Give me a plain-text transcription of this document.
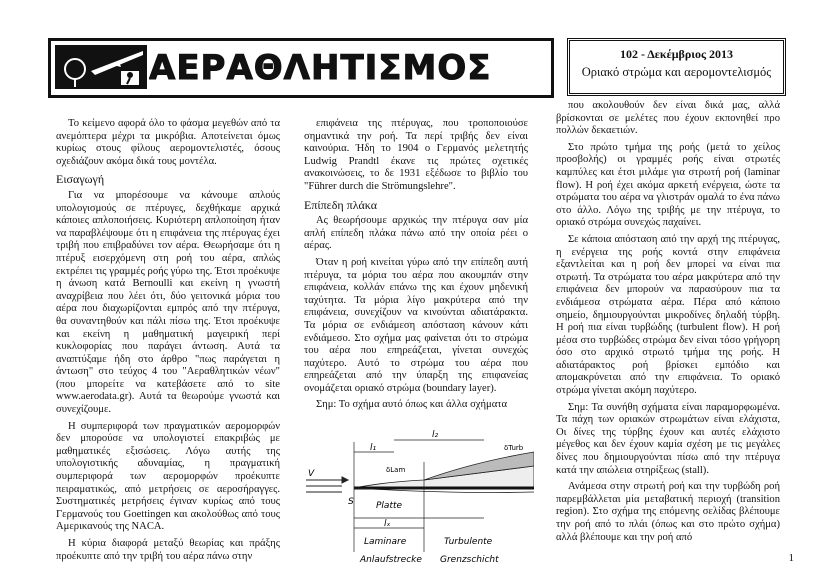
ΑΕΡΑΘΛΗΤΙΣΜΟΣ	102 - Δεκέμβριος 2013
Οριακό στρώμα και αερομοντελισμός

Το κείμενο αφορά όλο το φάσμα μεγεθών από τα ανεμόπτερα μέχρι τα μικρόβια. Αποτείνεται όμως κυρίως στους φίλους αερομοντελιστές, όσους σχεδιάζουν ακόμα δικά τους μοντέλα.

Εισαγωγή

Για να μπορέσουμε να κάνουμε απλούς υπολογισμούς σε πτέρυγες, δεχθήκαμε αρχικά κάποιες απλοποιήσεις. Κυριότερη απλοποίηση ήταν να παραβλέψουμε ότι η επιφάνεια της πτέρυγας έχει τριβή που επιβραδύνει τον αέρα. Θεωρήσαμε ότι η πτέρυξ εισερχόμενη στη ροή του αέρα, απλώς εκτρέπει τις γραμμές ροής γύρω της. Έτσι προέκυψε η άνωση κατά Bernoulli και εκείνη η γνωστή αναχρίβεια που λέει ότι, δύο γειτονικά μόρια του αέρα που διαχωρίζονται εμπρός από την πτέρυγα, θα συναντηθούν και πάλι πίσω της. Έτσι προέκυψε και εκείνη η μαθηματική μαγειρική περί κυκλοφορίας που παράγει άντωση. Αυτά τα αναπτύξαμε ήδη στο άρθρο "πως παράγεται η άντωση" στο τεύχος 4 του "Αεραθλητικών νέων" (που μπορείτε να κατεβάσετε από το site www.aerodata.gr). Αυτά τα θεωρούμε γνωστά και συνεχίζουμε.

Η συμπεριφορά των πραγματικών αερομορφών δεν μπορούσε να υπολογιστεί επακριβώς με μαθηματικές εξισώσεις. Λόγω αυτής της υπολογιστικής αδυναμίας, η πραγματική συμπεριφορά των αερομορφών προέκυπτε πειραματικώς, από μετρήσεις σε αεροσήραγγες. Συστηματικές μετρήσεις έγιναν κυρίως από τους Γερμανούς του Goettingen και ακολούθως από τους Αμερικανούς της NACA.

Η κύρια διαφορά μεταξύ θεωρίας και πράξης προέκυπτε από την τριβή του αέρα πάνω στην

επιφάνεια της πτέρυγας, που τροποποιούσε σημαντικά την ροή. Τα περί τριβής δεν είναι καινούρια. Ήδη το 1904 ο Γερμανός μελετητής Ludwig Prandtl έκανε τις πρώτες σχετικές ανακοινώσεις, το δε 1931 εξέδωσε το βιβλίο του "Führer durch die Strömungslehre".

Επίπεδη πλάκα

Ας θεωρήσουμε αρχικώς την πτέρυγα σαν μία απλή επίπεδη πλάκα πάνω από την οποία ρέει ο αέρας.

Όταν η ροή κινείται γύρω από την επίπεδη αυτή πτέρυγα, τα μόρια του αέρα που ακουμπάν στην επιφάνεια, κολλάν επάνω της και έχουν μηδενική ταχύτητα. Τα μόρια λίγο μακρύτερα από την επιφάνεια, συνεχίζουν να κινούνται αδιατάρακτα. Τα μόρια σε ενδιάμεση απόσταση κάνουν κάτι ενδιάμεσο. Στο σχήμα μας φαίνεται ότι το στρώμα του αέρα που επηρεάζεται, γίνεται συνεχώς παχύτερο. Αυτό το στρώμα του αέρα που επηρεάζεται από την ύπαρξη της επιφανείας ονομάζεται οριακό στρώμα (boundary layer).

Σημ: Το σχήμα αυτό όπως και άλλα σχήματα

V
S
l₁
l₂
lₓ
δLam
δTurb
Platte
Laminare	Turbulente
Anlaufstrecke Grenzschicht

που ακολουθούν δεν είναι δικά μας, αλλά βρίσκονται σε μελέτες που έχουν εκπονηθεί προ πολλών δεκαετιών.

Στο πρώτο τμήμα της ροής (μετά το χείλος προσβολής) οι γραμμές ροής είναι στρωτές καμπύλες και έτσι μιλάμε για στρωτή ροή (laminar flow). Η ροή έχει ακόμα αρκετή ενέργεια, ώστε τα στρώματα του αέρα να γλιστράν ομαλά το ένα πάνω στο άλλο. Λόγω της τριβής με την πτέρυγα, το οριακό στρώμα συνεχώς παχαίνει.

Σε κάποια απόσταση από την αρχή της πτέρυγας, η ενέργεια της ροής κοντά στην επιφάνεια εξαντλείται και η ροή δεν μπορεί να είναι πια στρωτή. Τα στρώματα του αέρα μακρύτερα από την επιφάνεια δεν μπορούν να παρασύρουν πια τα ενδιάμεσα στρώματα αέρα. Πέρα από κάποιο σημείο, δημιουργούνται μικροδίνες δηλαδή τύρβη. Η ροή πια είναι τυρβώδης (turbulent flow). Η ροή μέσα στο τυρβώδες στρώμα δεν είναι τόσο γρήγορη όσο στο αρχικό στρωτό τμήμα της ροής. Η αδιατάρακτος ροή βρίσκει εμπόδιο και απομακρύνεται από την επιφάνεια. Το οριακό στρώμα γίνεται ακόμη παχύτερο.

Σημ: Τα συνήθη σχήματα είναι παραμορφωμένα. Τα πάχη των οριακών στρωμάτων είναι ελάχιστα, Οι δίνες της τύρβης έχουν και αυτές ελάχιστο μέγεθος και δεν έχουν καμία σχέση με τις μεγάλες δίνες που δημιουργούνται πίσω από την πτέρυγα κατά την απώλεια στηρίξεως (stall).

Ανάμεσα στην στρωτή ροή και την τυρβώδη ροή παρεμβάλλεται μία μεταβατική περιοχή (transition region). Στο σχήμα της επόμενης σελίδας βλέπουμε την ροή από το πλάι (όπως και στο πρώτο σχήμα) αλλά βλέπουμε και την ροή από

1
